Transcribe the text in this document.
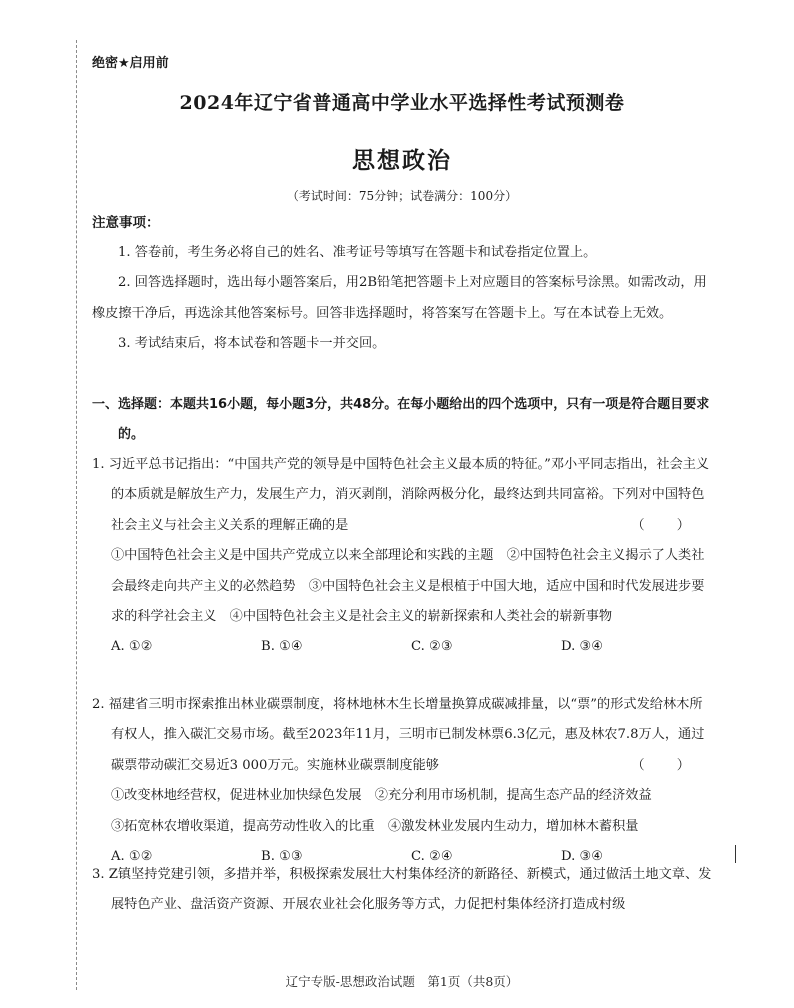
绝密★启用前
2024年辽宁省普通高中学业水平选择性考试预测卷
思想政治
（考试时间：75分钟；试卷满分：100分）
注意事项：
1. 答卷前，考生务必将自己的姓名、准考证号等填写在答题卡和试卷指定位置上。
2. 回答选择题时，选出每小题答案后，用2B铅笔把答题卡上对应题目的答案标号涂黑。如需改动，用橡皮擦干净后，再选涂其他答案标号。回答非选择题时，将答案写在答题卡上。写在本试卷上无效。
3. 考试结束后，将本试卷和答题卡一并交回。
一、选择题：本题共16小题，每小题3分，共48分。在每小题给出的四个选项中，只有一项是符合题目要求的。
1. 习近平总书记指出：“中国共产党的领导是中国特色社会主义最本质的特征。”邓小平同志指出，社会主义的本质就是解放生产力，发展生产力，消灭剥削，消除两极分化，最终达到共同富裕。下列对中国特色社会主义与社会主义关系的理解正确的是	（ ）
①中国特色社会主义是中国共产党成立以来全部理论和实践的主题　②中国特色社会主义揭示了人类社会最终走向共产主义的必然趋势　③中国特色社会主义是根植于中国大地，适应中国和时代发展进步要求的科学社会主义　④中国特色社会主义是社会主义的崭新探索和人类社会的崭新事物
A. ①②	B. ①④	C. ②③	D. ③④
2. 福建省三明市探索推出林业碳票制度，将林地林木生长增量换算成碳减排量，以“票”的形式发给林木所有权人，推入碳汇交易市场。截至2023年11月，三明市已制发林票6.3亿元，惠及林农7.8万人，通过碳票带动碳汇交易近3 000万元。实施林业碳票制度能够	（ ）
①改变林地经营权，促进林业加快绿色发展　②充分利用市场机制，提高生态产品的经济效益
③拓宽林农增收渠道，提高劳动性收入的比重　④激发林业发展内生动力，增加林木蓄积量
A. ①②	B. ①③	C. ②④	D. ③④
3. Z镇坚持党建引领，多措并举，积极探索发展壮大村集体经济的新路径、新模式，通过做活土地文章、发展特色产业、盘活资产资源、开展农业社会化服务等方式，力促把村集体经济打造成村级
辽宁专版-思想政治试题　第1页（共8页）
